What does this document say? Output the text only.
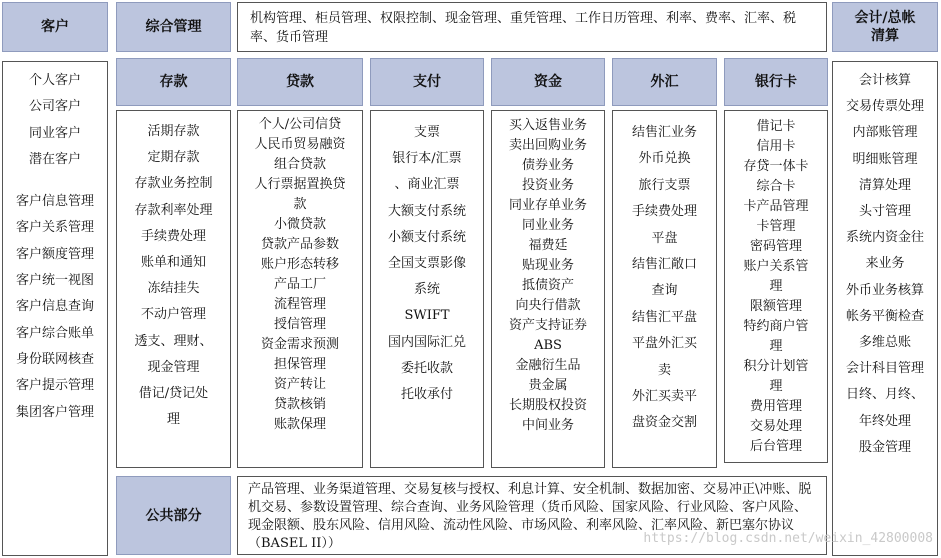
客户
个人客户
公司客户
同业客户
潜在客户
客户信息管理
客户关系管理
客户额度管理
客户统一视图
客户信息查询
客户综合账单
身份联网核查
客户提示管理
集团客户管理
综合管理
机构管理、柜员管理、权限控制、现金管理、重凭管理、工作日历管理、利率、费率、汇率、税率、货币管理
会计/总帐
清算
存款	贷款	支付	资金	外汇	银行卡
活期存款
定期存款
存款业务控制
存款利率处理
手续费处理
账单和通知
冻结挂失
不动户管理
透支、理财、
现金管理
借记/贷记处
理
个人/公司信贷
人民币贸易融资
组合贷款
人行票据置换贷
款
小微贷款
贷款产品参数
账户形态转移
产品工厂
流程管理
授信管理
资金需求预测
担保管理
资产转让
贷款核销
账款保理
支票
银行本/汇票
、商业汇票
大额支付系统
小额支付系统
全国支票影像
系统
SWIFT
国内国际汇兑
委托收款
托收承付
买入返售业务
卖出回购业务
债券业务
投资业务
同业存单业务
同业业务
福费廷
贴现业务
抵债资产
向央行借款
资产支持证券
ABS
金融衍生品
贵金属
长期股权投资
中间业务
结售汇业务
外币兑换
旅行支票
手续费处理
平盘
结售汇敞口
查询
结售汇平盘
平盘外汇买
卖
外汇买卖平
盘资金交割
借记卡
信用卡
存贷一体卡
综合卡
卡产品管理
卡管理
密码管理
账户关系管
理
限额管理
特约商户管
理
积分计划管
理
费用管理
交易处理
后台管理
会计核算
交易传票处理
内部账管理
明细账管理
清算处理
头寸管理
系统内资金往
来业务
外币业务核算
帐务平衡检查
多维总账
会计科目管理
日终、月终、
年终处理
股金管理
公共部分
产品管理、业务渠道管理、交易复核与授权、利息计算、安全机制、数据加密、交易冲正\冲账、脱机交易、参数设置管理、综合查询、业务风险管理（货币风险、国家风险、行业风险、客户风险、现金限额、股东风险、信用风险、流动性风险、市场风险、利率风险、汇率风险、新巴塞尔协议（BASEL II））	https://blog.csdn.net/weixin_42800008
